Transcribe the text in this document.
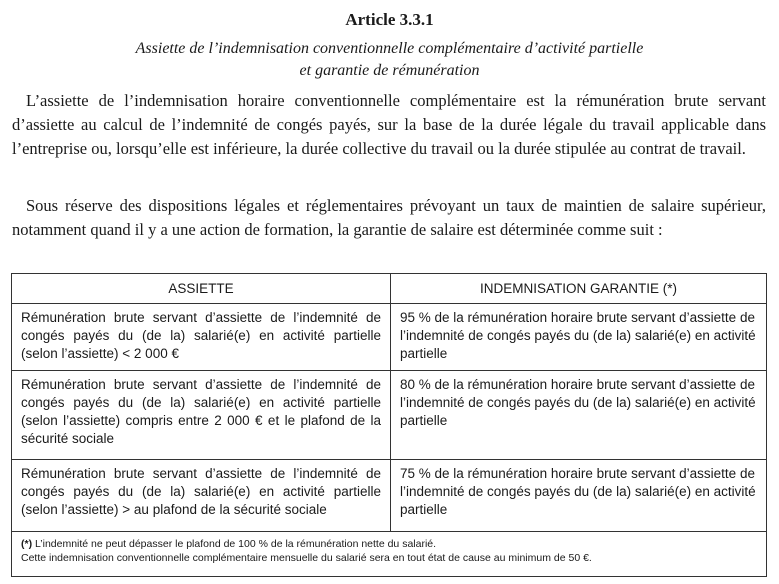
Article 3.3.1
Assiette de l’indemnisation conventionnelle complémentaire d’activité partielle
et garantie de rémunération

L’assiette de l’indemnisation horaire conventionnelle complémentaire est la rémunération brute servant d’assiette au calcul de l’indemnité de congés payés, sur la base de la durée légale du travail applicable dans l’entreprise ou, lorsqu’elle est inférieure, la durée collective du travail ou la durée stipulée au contrat de travail.

Sous réserve des dispositions légales et réglementaires prévoyant un taux de maintien de salaire supérieur, notamment quand il y a une action de formation, la garantie de salaire est déterminée comme suit :

ASSIETTE	INDEMNISATION GARANTIE (*)
Rémunération brute servant d’assiette de l’indemnité de congés payés du (de la) salarié(e) en activité partielle (selon l’assiette) < 2 000 €	95 % de la rémunération horaire brute servant d’assiette de l’indemnité de congés payés du (de la) salarié(e) en activité partielle
Rémunération brute servant d’assiette de l’indemnité de congés payés du (de la) salarié(e) en activité partielle (selon l’assiette) compris entre 2 000 € et le plafond de la sécurité sociale	80 % de la rémunération horaire brute servant d’assiette de l’indemnité de congés payés du (de la) salarié(e) en activité partielle
Rémunération brute servant d’assiette de l’indemnité de congés payés du (de la) salarié(e) en activité partielle (selon l’assiette) > au plafond de la sécurité sociale	75 % de la rémunération horaire brute servant d’assiette de l’indemnité de congés payés du (de la) salarié(e) en activité partielle
(*) L’indemnité ne peut dépasser le plafond de 100 % de la rémunération nette du salarié.
Cette indemnisation conventionnelle complémentaire mensuelle du salarié sera en tout état de cause au minimum de 50 €.	
